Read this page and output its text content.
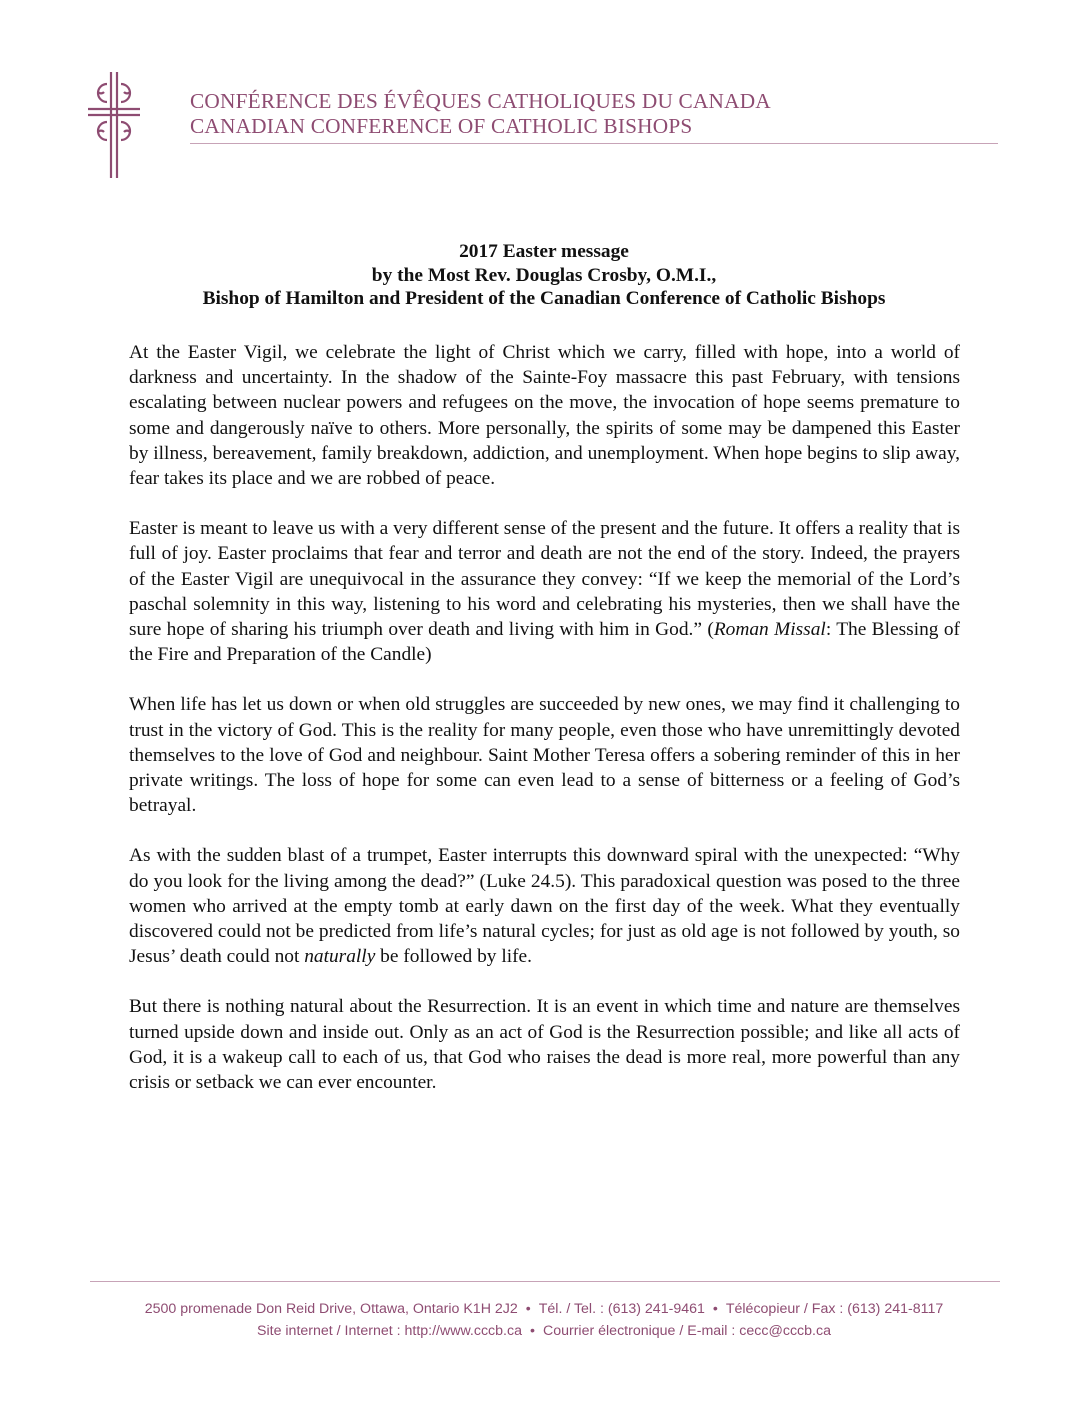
CONFÉRENCE DES ÉVÊQUES CATHOLIQUES DU CANADA
CANADIAN CONFERENCE OF CATHOLIC BISHOPS
2017 Easter message
by the Most Rev. Douglas Crosby, O.M.I.,
Bishop of Hamilton and President of the Canadian Conference of Catholic Bishops

At the Easter Vigil, we celebrate the light of Christ which we carry, filled with hope, into a world of darkness and uncertainty. In the shadow of the Sainte-Foy massacre this past February, with tensions escalating between nuclear powers and refugees on the move, the invocation of hope seems premature to some and dangerously naïve to others. More personally, the spirits of some may be dampened this Easter by illness, bereavement, family breakdown, addiction, and unemployment. When hope begins to slip away, fear takes its place and we are robbed of peace.

Easter is meant to leave us with a very different sense of the present and the future. It offers a reality that is full of joy. Easter proclaims that fear and terror and death are not the end of the story. Indeed, the prayers of the Easter Vigil are unequivocal in the assurance they convey: “If we keep the memorial of the Lord’s paschal solemnity in this way, listening to his word and celebrating his mysteries, then we shall have the sure hope of sharing his triumph over death and living with him in God.” (Roman Missal: The Blessing of the Fire and Preparation of the Candle)

When life has let us down or when old struggles are succeeded by new ones, we may find it challenging to trust in the victory of God. This is the reality for many people, even those who have unremittingly devoted themselves to the love of God and neighbour. Saint Mother Teresa offers a sobering reminder of this in her private writings. The loss of hope for some can even lead to a sense of bitterness or a feeling of God’s betrayal.

As with the sudden blast of a trumpet, Easter interrupts this downward spiral with the unexpected: “Why do you look for the living among the dead?” (Luke 24.5). This paradoxical question was posed to the three women who arrived at the empty tomb at early dawn on the first day of the week. What they eventually discovered could not be predicted from life’s natural cycles; for just as old age is not followed by youth, so Jesus’ death could not naturally be followed by life.

But there is nothing natural about the Resurrection. It is an event in which time and nature are themselves turned upside down and inside out. Only as an act of God is the Resurrection possible; and like all acts of God, it is a wakeup call to each of us, that God who raises the dead is more real, more powerful than any crisis or setback we can ever encounter.

2500 promenade Don Reid Drive, Ottawa, Ontario K1H 2J2 • Tél. / Tel. : (613) 241-9461 • Télécopieur / Fax : (613) 241-8117
Site internet / Internet : http://www.cccb.ca • Courrier électronique / E-mail : cecc@cccb.ca
